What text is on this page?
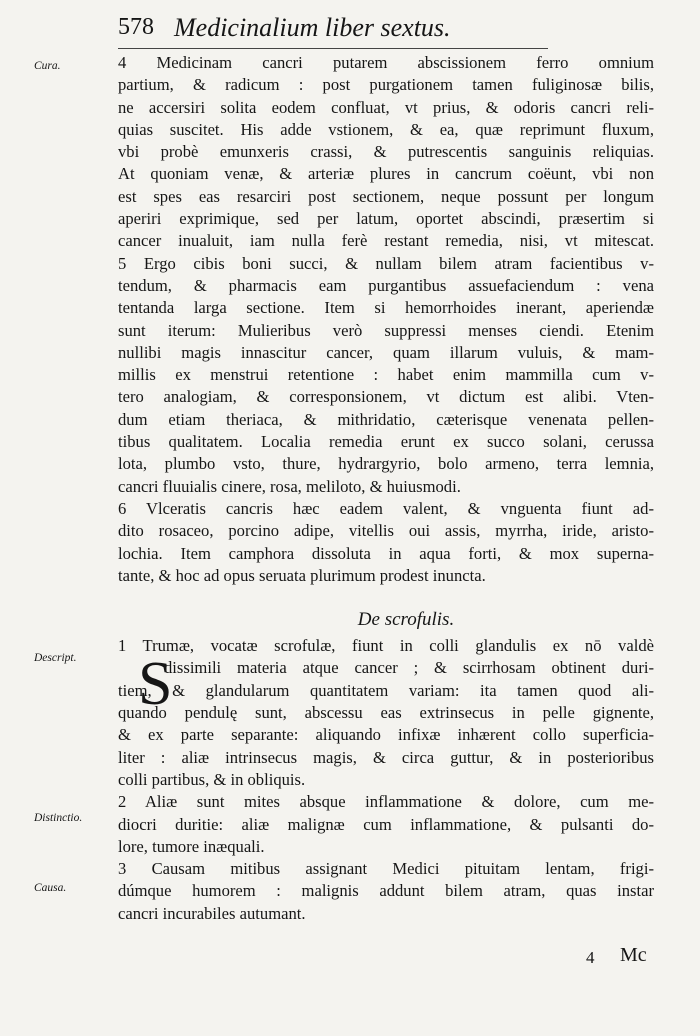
578 Medicinalium liber sextus.
Cura.
Descript.
Distinctio.
Causa.
S
4 Medicinam cancri putarem abscissionem ferro omnium
partium, & radicum : post purgationem tamen fuliginosæ bilis,
ne accersiri solita eodem confluat, vt prius, & odoris cancri reli-
quias suscitet. His adde vstionem, & ea, quæ reprimunt fluxum,
vbi probè emunxeris crassi, & putrescentis sanguinis reliquias.
At quoniam venæ, & arteriæ plures in cancrum coëunt, vbi non
est spes eas resarciri post sectionem, neque possunt per longum
aperiri exprimique, sed per latum, oportet abscindi, præsertim si
cancer inualuit, iam nulla ferè restant remedia, nisi, vt mitescat.
5 Ergo cibis boni succi, & nullam bilem atram facientibus v-
tendum, & pharmacis eam purgantibus assuefaciendum : vena
tentanda larga sectione. Item si hemorrhoides inerant, aperiendæ
sunt iterum: Mulieribus verò suppressi menses ciendi. Etenim
nullibi magis innascitur cancer, quam illarum vuluis, & mam-
millis ex menstrui retentione : habet enim mammilla cum v-
tero analogiam, & corresponsionem, vt dictum est alibi. Vten-
dum etiam theriaca, & mithridatio, cæterisque venenata pellen-
tibus qualitatem. Localia remedia erunt ex succo solani, cerussa
lota, plumbo vsto, thure, hydrargyrio, bolo armeno, terra lemnia,
cancri fluuialis cinere, rosa, meliloto, & huiusmodi.
6 Vlceratis cancris hæc eadem valent, & vnguenta fiunt ad-
dito rosaceo, porcino adipe, vitellis oui assis, myrrha, iride, aristo-
lochia. Item camphora dissoluta in aqua forti, & mox superna-
tante, & hoc ad opus seruata plurimum prodest inuncta.
De scrofulis.
1 Trumæ, vocatæ scrofulæ, fiunt in colli glandulis ex nō valdè
dissimili materia atque cancer ; & scirrhosam obtinent duri-
tiem, & glandularum quantitatem variam: ita tamen quod ali-
quando pendulę sunt, abscessu eas extrinsecus in pelle gignente,
& ex parte separante: aliquando infixæ inhærent collo superficia-
liter : aliæ intrinsecus magis, & circa guttur, & in posterioribus
colli partibus, & in obliquis.
2 Aliæ sunt mites absque inflammatione & dolore, cum me-
diocri duritie: aliæ malignæ cum inflammatione, & pulsanti do-
lore, tumore inæquali.
3 Causam mitibus assignant Medici pituitam lentam, frigi-
dúmque humorem : malignis addunt bilem atram, quas instar
cancri incurabiles autumant.
4 Mc
